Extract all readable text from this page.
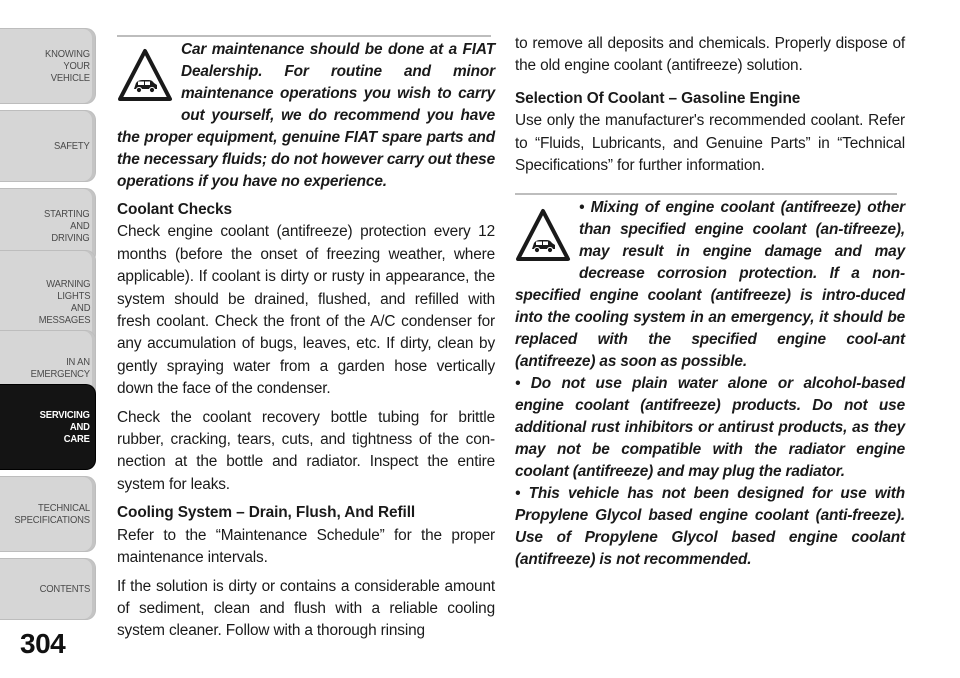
KNOWING
YOUR
VEHICLE
SAFETY
STARTING
AND
DRIVING
WARNING
LIGHTS
AND
MESSAGES
IN AN
EMERGENCY
SERVICING
AND
CARE
TECHNICAL
SPECIFICATIONS
CONTENTS
304

Car maintenance should be done at a FIAT Dealership. For routine and minor maintenance operations you wish to carry out yourself, we do recommend you have the proper equipment, genuine FIAT spare parts and the necessary fluids; do not however carry out these operations if you have no experience.

Coolant Checks

Check engine coolant (antifreeze) protection every 12 months (before the onset of freezing weather, where applicable). If coolant is dirty or rusty in appearance, the system should be drained, flushed, and refilled with fresh coolant. Check the front of the A/C condenser for any accumulation of bugs, leaves, etc. If dirty, clean by gently spraying water from a garden hose vertically down the face of the condenser.

Check the coolant recovery bottle tubing for brittle rubber, cracking, tears, cuts, and tightness of the con-nection at the bottle and radiator. Inspect the entire system for leaks.

Cooling System – Drain, Flush, And Refill

Refer to the “Maintenance Schedule” for the proper maintenance intervals.

If the solution is dirty or contains a considerable amount of sediment, clean and flush with a reliable cooling system cleaner. Follow with a thorough rinsing

to remove all deposits and chemicals. Properly dispose of the old engine coolant (antifreeze) solution.

Selection Of Coolant – Gasoline Engine

Use only the manufacturer's recommended coolant. Refer to “Fluids, Lubricants, and Genuine Parts” in “Technical Specifications” for further information.

• Mixing of engine coolant (antifreeze) other than specified engine coolant (an-tifreeze), may result in engine damage and may decrease corrosion protection. If a non-specified engine coolant (antifreeze) is intro-duced into the cooling system in an emergency, it should be replaced with the specified engine cool-ant (antifreeze) as soon as possible.

• Do not use plain water alone or alcohol-based engine coolant (antifreeze) products. Do not use additional rust inhibitors or antirust products, as they may not be compatible with the radiator engine coolant (antifreeze) and may plug the radiator.

• This vehicle has not been designed for use with Propylene Glycol based engine coolant (anti-freeze). Use of Propylene Glycol based engine coolant (antifreeze) is not recommended.
